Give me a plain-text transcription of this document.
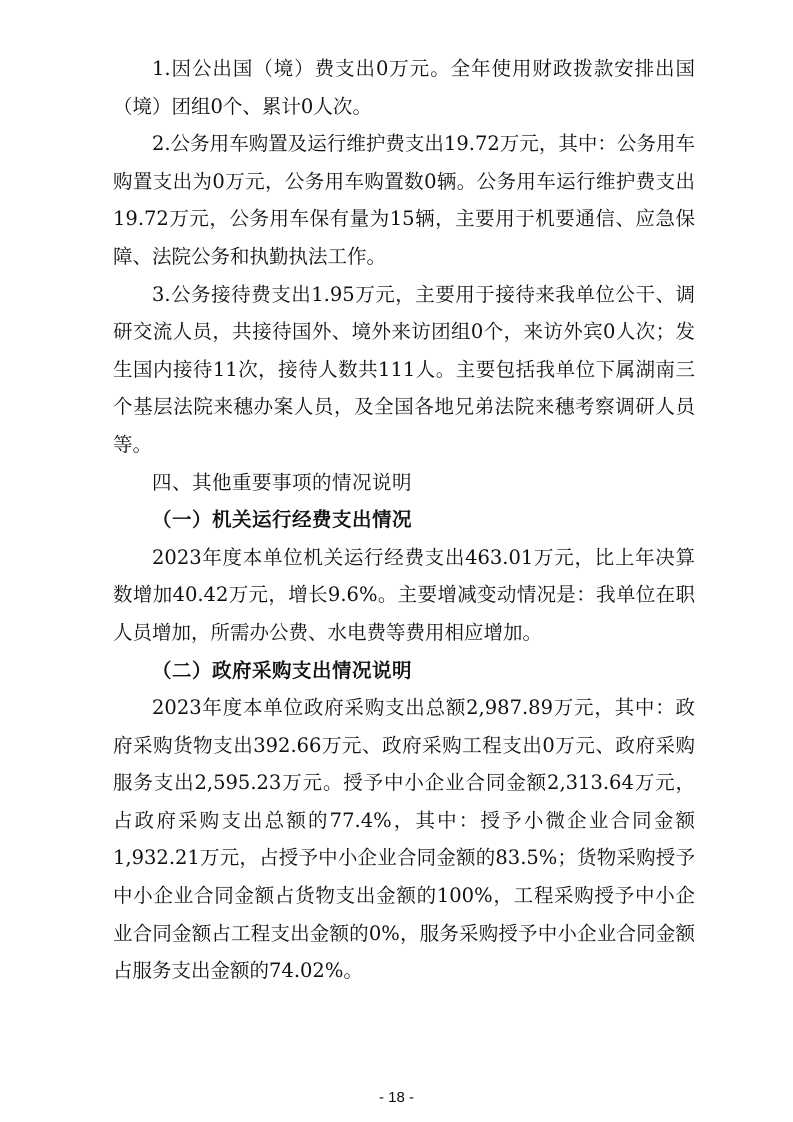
1.因公出国（境）费支出0万元。全年使用财政拨款安排出国（境）团组0个、累计0人次。

2.公务用车购置及运行维护费支出19.72万元，其中：公务用车购置支出为0万元，公务用车购置数0辆。公务用车运行维护费支出19.72万元，公务用车保有量为15辆，主要用于机要通信、应急保障、法院公务和执勤执法工作。

3.公务接待费支出1.95万元，主要用于接待来我单位公干、调研交流人员，共接待国外、境外来访团组0个，来访外宾0人次；发生国内接待11次，接待人数共111人。主要包括我单位下属湖南三个基层法院来穗办案人员，及全国各地兄弟法院来穗考察调研人员等。

四、其他重要事项的情况说明

（一）机关运行经费支出情况

2023年度本单位机关运行经费支出463.01万元，比上年决算数增加40.42万元，增长9.6%。主要增减变动情况是：我单位在职人员增加，所需办公费、水电费等费用相应增加。

（二）政府采购支出情况说明

2023年度本单位政府采购支出总额2,987.89万元，其中：政府采购货物支出392.66万元、政府采购工程支出0万元、政府采购服务支出2,595.23万元。授予中小企业合同金额2,313.64万元，占政府采购支出总额的77.4%，其中：授予小微企业合同金额1,932.21万元，占授予中小企业合同金额的83.5%；货物采购授予中小企业合同金额占货物支出金额的100%，工程采购授予中小企业合同金额占工程支出金额的0%，服务采购授予中小企业合同金额占服务支出金额的74.02%。

- 18 -
